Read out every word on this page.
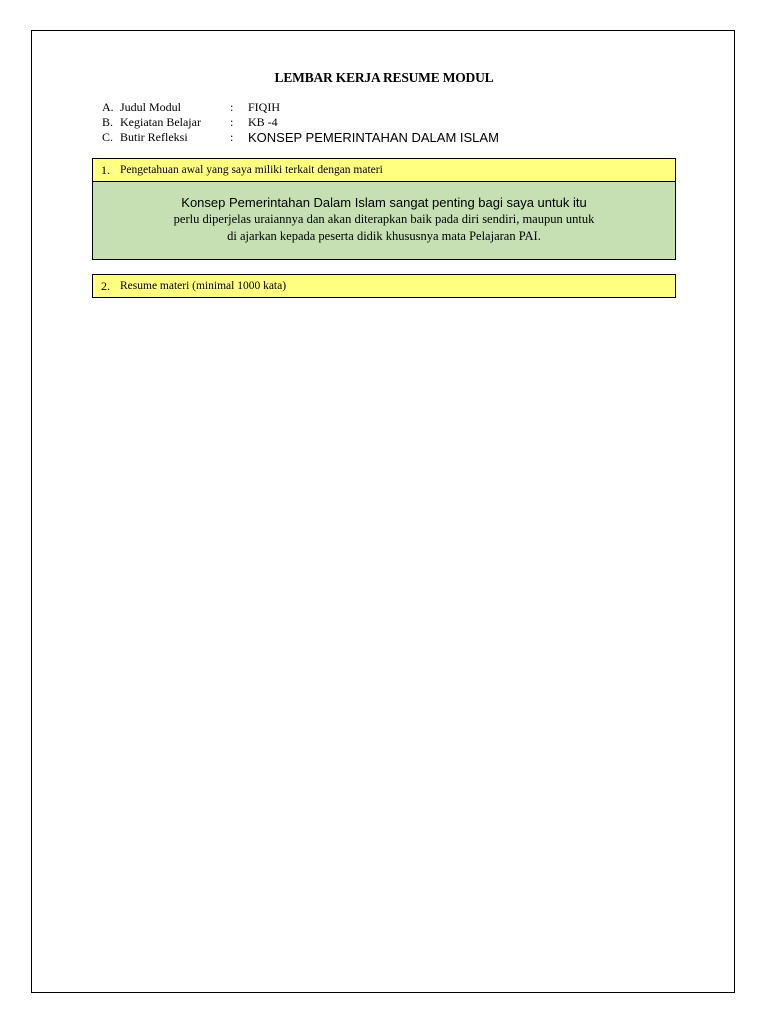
LEMBAR KERJA RESUME MODUL
A. Judul Modul	:	FIQIH
B. Kegiatan Belajar	:	KB -4
C. Butir Refleksi	:	KONSEP PEMERINTAHAN DALAM ISLAM
1. Pengetahuan awal yang saya miliki terkait dengan materi
Konsep Pemerintahan Dalam Islam sangat penting bagi saya untuk itu
perlu diperjelas uraiannya dan akan diterapkan baik pada diri sendiri, maupun untuk
di ajarkan kepada peserta didik khususnya mata Pelajaran PAI.
2. Resume materi (minimal 1000 kata)
